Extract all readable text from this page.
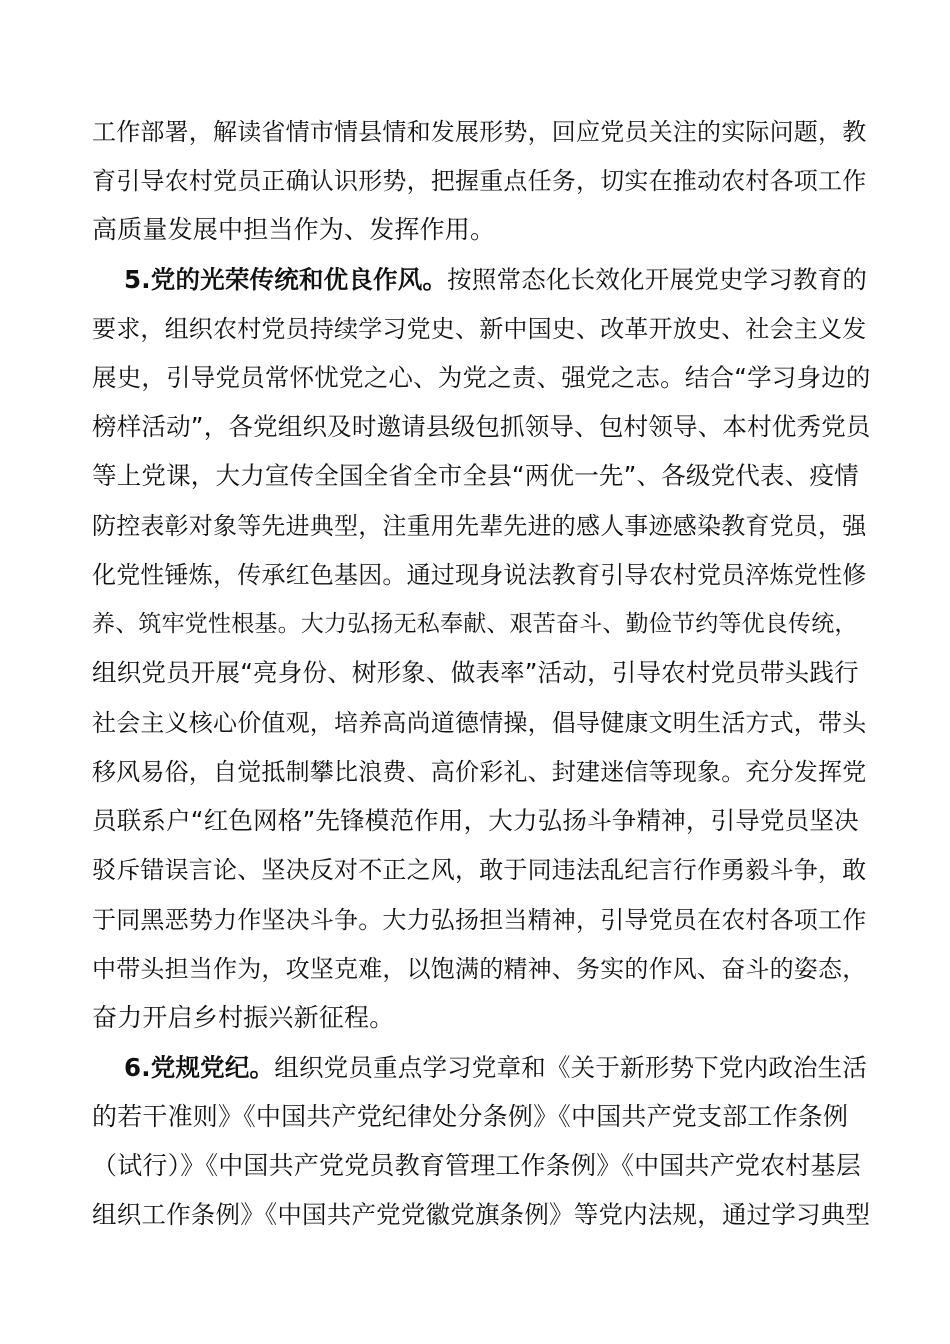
工作部署，解读省情市情县情和发展形势，回应党员关注的实际问题，教
育引导农村党员正确认识形势，把握重点任务，切实在推动农村各项工作
高质量发展中担当作为、发挥作用。
5.党的光荣传统和优良作风。按照常态化长效化开展党史学习教育的
要求，组织农村党员持续学习党史、新中国史、改革开放史、社会主义发
展史，引导党员常怀忧党之心、为党之责、强党之志。结合“学习身边的
榜样活动”，各党组织及时邀请县级包抓领导、包村领导、本村优秀党员
等上党课，大力宣传全国全省全市全县“两优一先”、各级党代表、疫情
防控表彰对象等先进典型，注重用先辈先进的感人事迹感染教育党员，强
化党性锤炼，传承红色基因。通过现身说法教育引导农村党员淬炼党性修
养、筑牢党性根基。大力弘扬无私奉献、艰苦奋斗、勤俭节约等优良传统，
组织党员开展“亮身份、树形象、做表率”活动，引导农村党员带头践行
社会主义核心价值观，培养高尚道德情操，倡导健康文明生活方式，带头
移风易俗，自觉抵制攀比浪费、高价彩礼、封建迷信等现象。充分发挥党
员联系户“红色网格”先锋模范作用，大力弘扬斗争精神，引导党员坚决
驳斥错误言论、坚决反对不正之风，敢于同违法乱纪言行作勇毅斗争，敢
于同黑恶势力作坚决斗争。大力弘扬担当精神，引导党员在农村各项工作
中带头担当作为，攻坚克难，以饱满的精神、务实的作风、奋斗的姿态，
奋力开启乡村振兴新征程。
6.党规党纪。组织党员重点学习党章和《关于新形势下党内政治生活
的若干准则》《中国共产党纪律处分条例》《中国共产党支部工作条例
（试行）》《中国共产党党员教育管理工作条例》《中国共产党农村基层
组织工作条例》《中国共产党党徽党旗条例》等党内法规，通过学习典型
